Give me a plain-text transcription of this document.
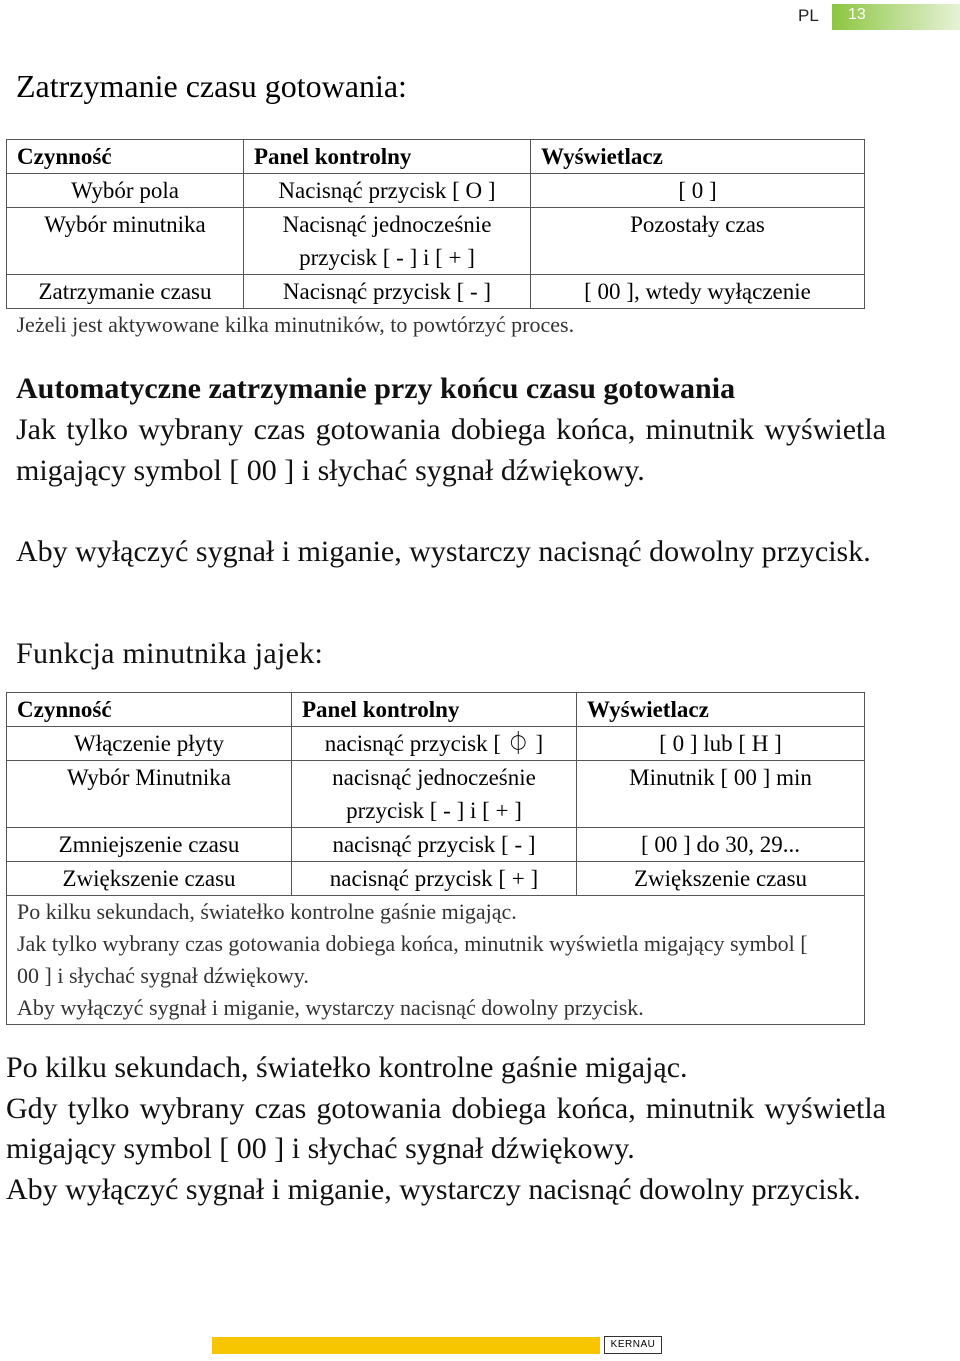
PL 13
Zatrzymanie czasu gotowania:
Czynność	Panel kontrolny	Wyświetlacz
Wybór pola	Nacisnąć przycisk [ O ]	[ 0 ]
Wybór minutnika	Nacisnąć jednocześnie przycisk [ - ] i [ + ]	Pozostały czas
Zatrzymanie czasu	Nacisnąć przycisk [ - ]	[ 00 ], wtedy wyłączenie
Jeżeli jest aktywowane kilka minutników, to powtórzyć proces.		
Automatyczne zatrzymanie przy końcu czasu gotowania
Jak tylko wybrany czas gotowania dobiega końca, minutnik wyświetla migający symbol [ 00 ] i słychać sygnał dźwiękowy.
Aby wyłączyć sygnał i miganie, wystarczy nacisnąć dowolny przycisk.
Funkcja minutnika jajek:
Czynność	Panel kontrolny	Wyświetlacz
Włączenie płyty	nacisnąć przycisk [ ⏀ ]	[ 0 ] lub [ H ]
Wybór Minutnika	nacisnąć jednocześnie przycisk [ - ] i [ + ]	Minutnik [ 00 ] min
Zmniejszenie czasu	nacisnąć przycisk [ - ]	[ 00 ] do 30, 29...
Zwiększenie czasu	nacisnąć przycisk [ + ]	Zwiększenie czasu

Po kilku sekundach, światełko kontrolne gaśnie migając.
Jak tylko wybrany czas gotowania dobiega końca, minutnik wyświetla migający symbol [ 00 ] i słychać sygnał dźwiękowy.
Aby wyłączyć sygnał i miganie, wystarczy nacisnąć dowolny przycisk.		

Po kilku sekundach, światełko kontrolne gaśnie migając.

Gdy tylko wybrany czas gotowania dobiega końca, minutnik wyświetla migający symbol [ 00 ] i słychać sygnał dźwiękowy.

Aby wyłączyć sygnał i miganie, wystarczy nacisnąć dowolny przycisk.

KERNAU
